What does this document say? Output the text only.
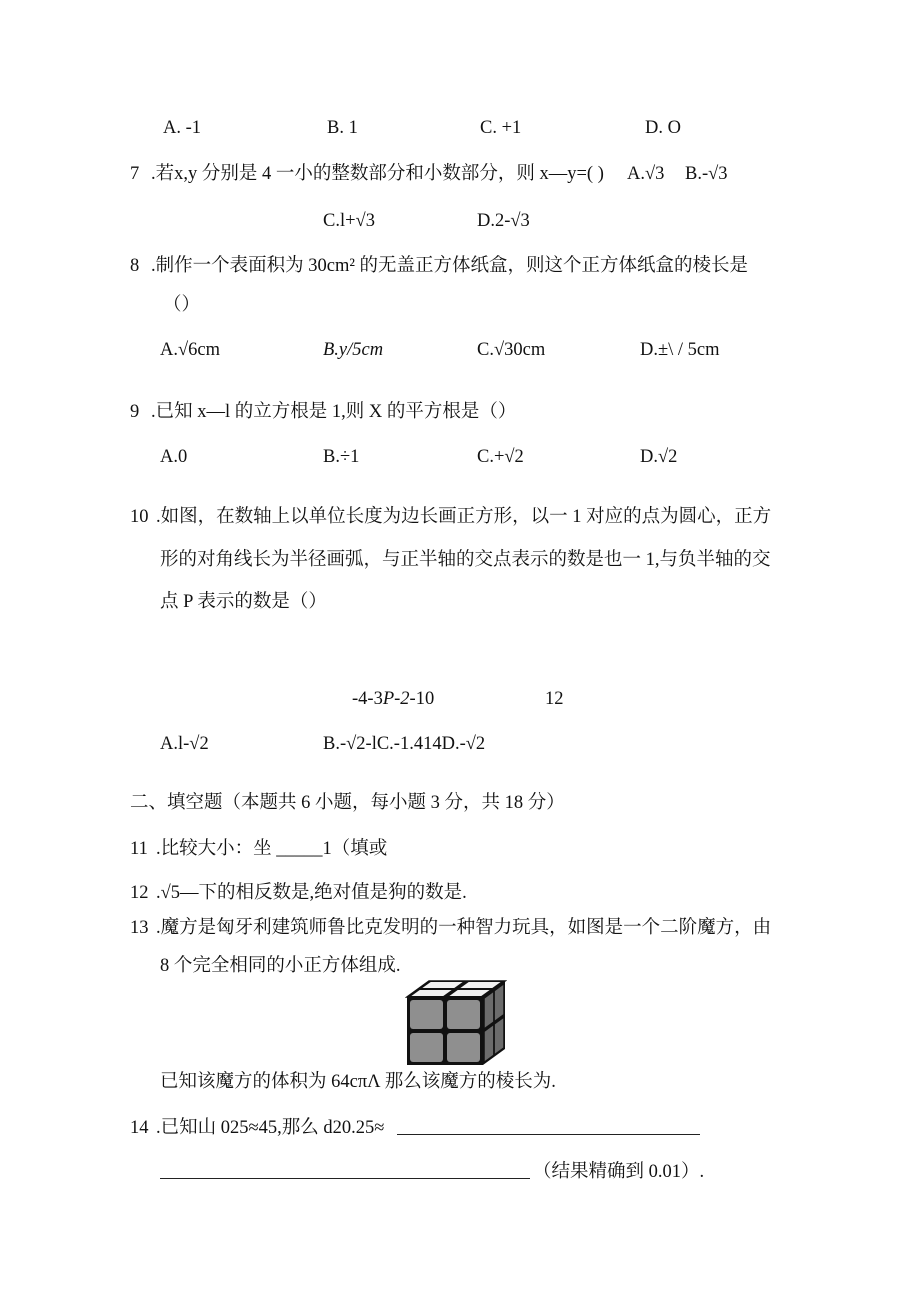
A. -1	B. 1	C. +1	D. O
7 .若x,y 分别是 4 一小的整数部分和小数部分，则 x—y=( ) A.√3 B.-√3
C.l+√3	D.2-√3
8 .制作一个表面积为 30cm² 的无盖正方体纸盒，则这个正方体纸盒的棱长是
（）
A.√6cm	B.y/5cm	C.√30cm	D.±\ / 5cm
9 .已知 x—l 的立方根是 1,则 X 的平方根是（）
A.0	B.÷1	C.+√2	D.√2
10 .如图，在数轴上以单位长度为边长画正方形，以一 1 对应的点为圆心，正方
形的对角线长为半径画弧，与正半轴的交点表示的数是也一 1,与负半轴的交
点 P 表示的数是（）
-4-3P-2-10	12
A.l-√2	B.-√2-lC.-1.414D.-√2
二、填空题（本题共 6 小题，每小题 3 分，共 18 分）
11 .比较大小：坐 _____1（填或
12 .√5—下的相反数是,绝对值是狗的数是.
13 .魔方是匈牙利建筑师鲁比克发明的一种智力玩具，如图是一个二阶魔方，由
8 个完全相同的小正方体组成.
已知该魔方的体积为 64cπΛ 那么该魔方的棱长为.
14 .已知山 025≈45,那么 d20.25≈
（结果精确到 0.01）.
